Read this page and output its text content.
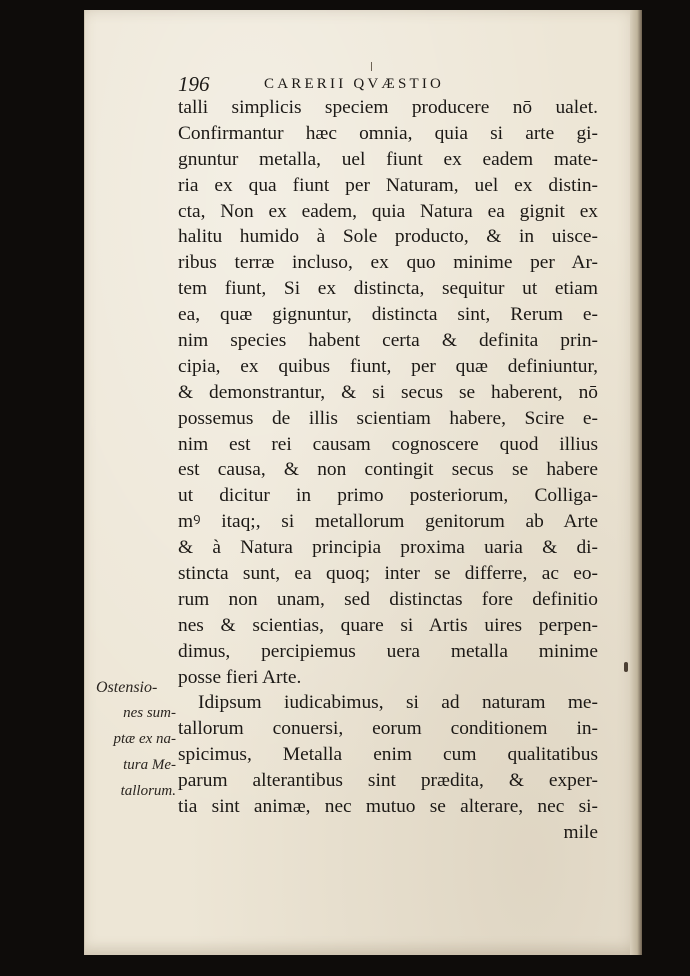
196	CARERII QVÆSTIO
talli simplicis speciem producere nō ualet.
Confirmantur hæc omnia, quia si arte gi-
gnuntur metalla, uel fiunt ex eadem mate-
ria ex qua fiunt per Naturam, uel ex distin-
cta, Non ex eadem, quia Natura ea gignit ex
halitu humido à Sole producto, & in uisce-
ribus terræ incluso, ex quo minime per Ar-
tem fiunt, Si ex distincta, sequitur ut etiam
ea, quæ gignuntur, distincta sint, Rerum e-
nim species habent certa & definita prin-
cipia, ex quibus fiunt, per quæ definiuntur,
& demonstrantur, & si secus se haberent, nō
possemus de illis scientiam habere, Scire e-
nim est rei causam cognoscere quod illius
est causa, & non contingit secus se habere
ut dicitur in primo posteriorum, Colliga-
mꝰ itaq;, si metallorum genitorum ab Arte
& à Natura principia proxima uaria & di-
stincta sunt, ea quoq; inter se differre, ac eo-
rum non unam, sed distinctas fore definitio
nes & scientias, quare si Artis uires perpen-
dimus, percipiemus uera metalla minime
posse fieri Arte.
Idipsum iudicabimus, si ad naturam me-
tallorum conuersi, eorum conditionem in-
spicimus, Metalla enim cum qualitatibus
parum alterantibus sint prædita, & exper-
tia sint animæ, nec mutuo se alterare, nec si-
mile
Ostensio-
nes sum-
ptæ ex na-
tura Me-
tallorum.
